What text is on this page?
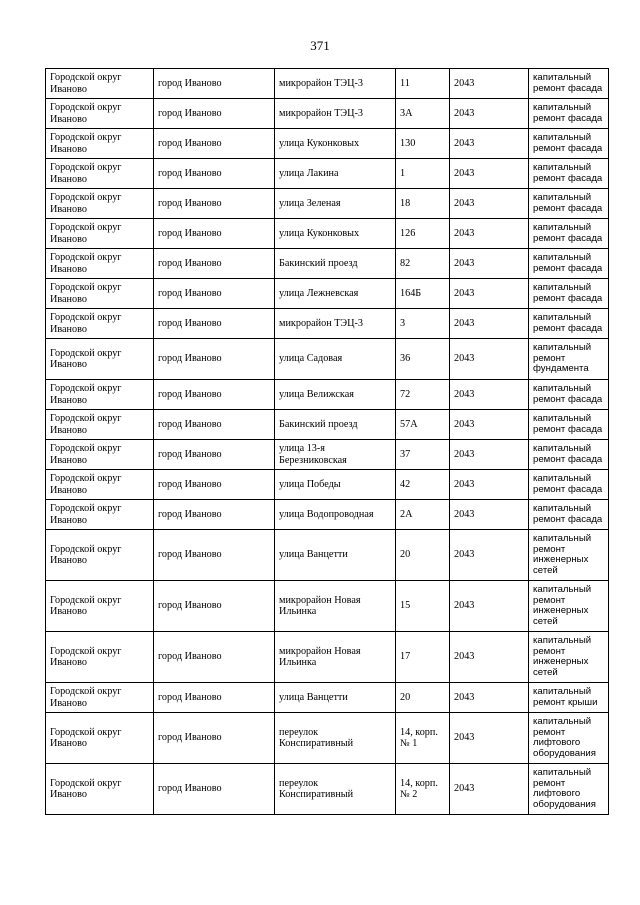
371
Городской округ Иваново	город Иваново	микрорайон ТЭЦ-3	11	2043	капитальный ремонт фасада
Городской округ Иваново	город Иваново	микрорайон ТЭЦ-3	3А	2043	капитальный ремонт фасада
Городской округ Иваново	город Иваново	улица Куконковых	130	2043	капитальный ремонт фасада
Городской округ Иваново	город Иваново	улица Лакина	1	2043	капитальный ремонт фасада
Городской округ Иваново	город Иваново	улица Зеленая	18	2043	капитальный ремонт фасада
Городской округ Иваново	город Иваново	улица Куконковых	126	2043	капитальный ремонт фасада
Городской округ Иваново	город Иваново	Бакинский проезд	82	2043	капитальный ремонт фасада
Городской округ Иваново	город Иваново	улица Лежневская	164Б	2043	капитальный ремонт фасада
Городской округ Иваново	город Иваново	микрорайон ТЭЦ-3	3	2043	капитальный ремонт фасада
Городской округ Иваново	город Иваново	улица Садовая	36	2043	капитальный ремонт фундамента
Городской округ Иваново	город Иваново	улица Велижская	72	2043	капитальный ремонт фасада
Городской округ Иваново	город Иваново	Бакинский проезд	57А	2043	капитальный ремонт фасада
Городской округ Иваново	город Иваново	улица 13-я Березниковская	37	2043	капитальный ремонт фасада
Городской округ Иваново	город Иваново	улица Победы	42	2043	капитальный ремонт фасада
Городской округ Иваново	город Иваново	улица Водопроводная	2А	2043	капитальный ремонт фасада
Городской округ Иваново	город Иваново	улица Ванцетти	20	2043	капитальный ремонт инженерных сетей
Городской округ Иваново	город Иваново	микрорайон Новая Ильинка	15	2043	капитальный ремонт инженерных сетей
Городской округ Иваново	город Иваново	микрорайон Новая Ильинка	17	2043	капитальный ремонт инженерных сетей
Городской округ Иваново	город Иваново	улица Ванцетти	20	2043	капитальный ремонт крыши
Городской округ Иваново	город Иваново	переулок Конспиративный	14, корп. № 1	2043	капитальный ремонт лифтового оборудования
Городской округ Иваново	город Иваново	переулок Конспиративный	14, корп. № 2	2043	капитальный ремонт лифтового оборудования
